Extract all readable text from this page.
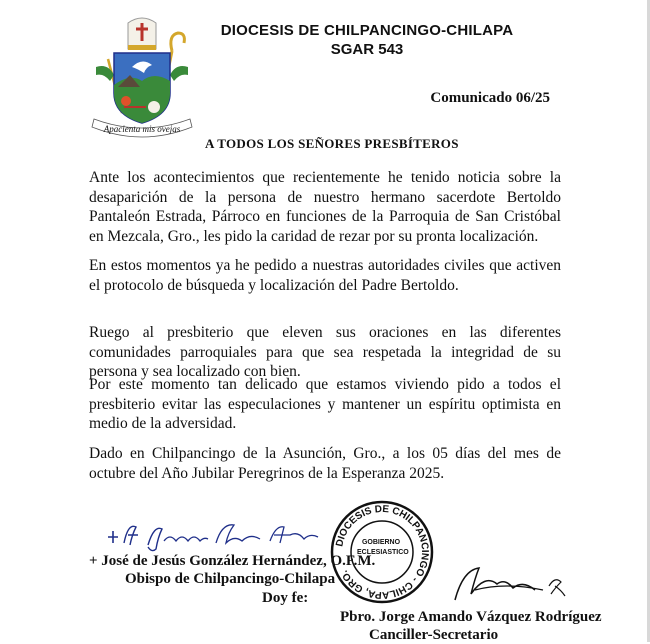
Apacienta mis ovejas
DIOCESIS DE CHILPANCINGO-CHILAPA
SGAR 543
Comunicado 06/25
A TODOS LOS SEÑORES PRESBÍTEROS

Ante los acontecimientos que recientemente he tenido noticia sobre la desaparición de la persona de nuestro hermano sacerdote Bertoldo Pantaleón Estrada, Párroco en funciones de la Parroquia de San Cristóbal en Mezcala, Gro., les pido la caridad de rezar por su pronta localización.

En estos momentos ya he pedido a nuestras autoridades civiles que activen el protocolo de búsqueda y localización del Padre Bertoldo.

Ruego al presbiterio que eleven sus oraciones en las diferentes comunidades parroquiales para que sea respetada la integridad de su persona y sea localizado con bien.

Por este momento tan delicado que estamos viviendo pido a todos el presbiterio evitar las especulaciones y mantener un espíritu optimista en medio de la adversidad.

Dado en Chilpancingo de la Asunción, Gro., a los 05 días del mes de octubre del Año Jubilar Peregrinos de la Esperanza 2025.

DIOCESIS DE CHILPANCINGO - CHILAPA, GRO.
GOBIERNO
ECLESIASTICO
+ José de Jesús González Hernández, O.F.M.
Obispo de Chilpancingo-Chilapa
Doy fe:
Pbro. Jorge Amando Vázquez Rodríguez
Canciller-Secretario
